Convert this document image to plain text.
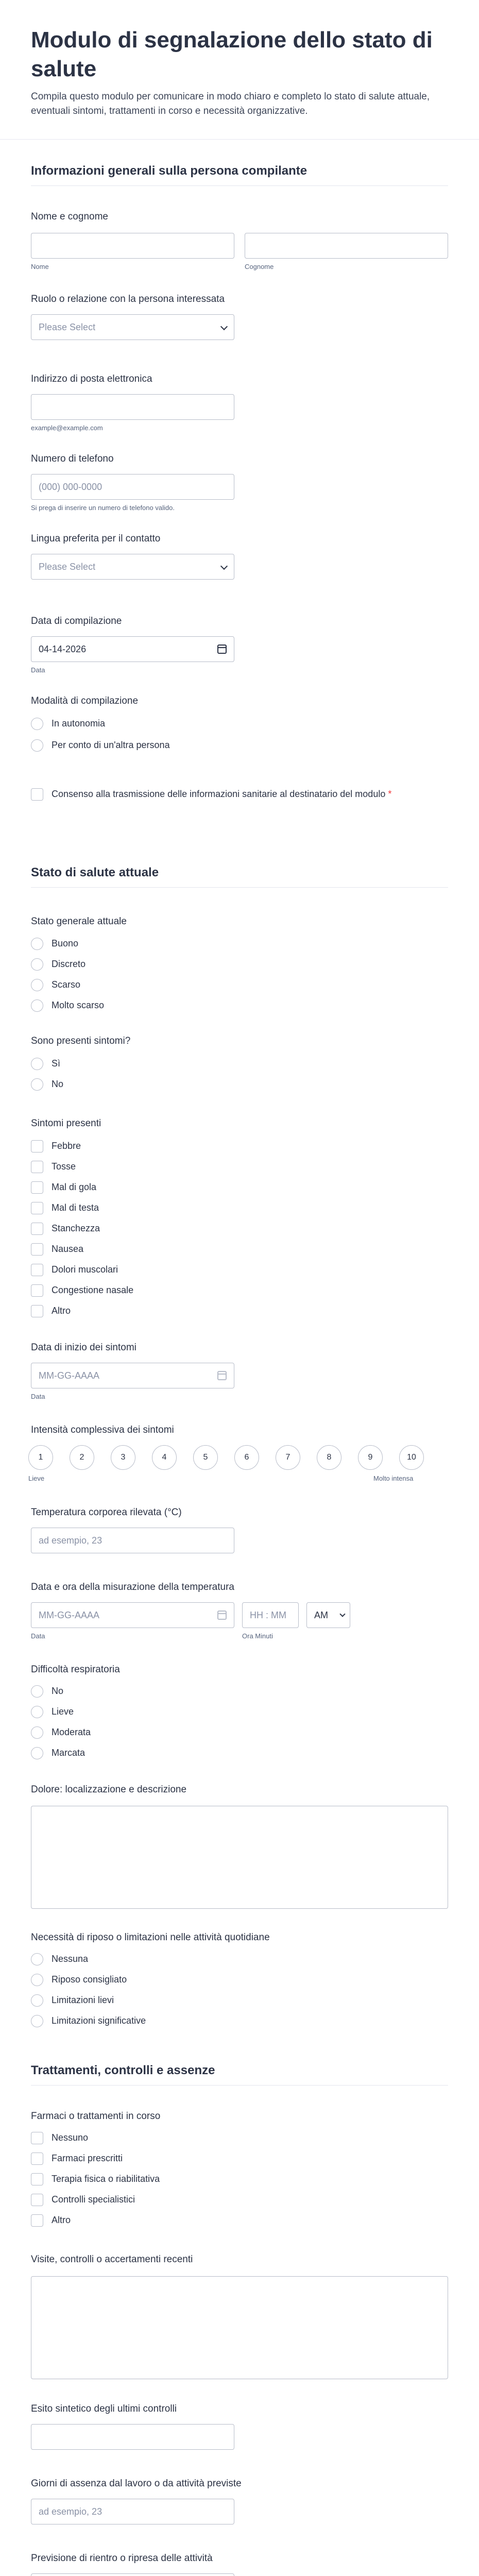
Modulo di segnalazione dello stato di salute
Compila questo modulo per comunicare in modo chiaro e completo lo stato di salute attuale, eventuali sintomi, trattamenti in corso e necessità organizzative.
Informazioni generali sulla persona compilante
Nome e cognome
Nome	Cognome
Ruolo o relazione con la persona interessata
Please Select
Indirizzo di posta elettronica
example@example.com
Numero di telefono
(000) 000-0000
Si prega di inserire un numero di telefono valido.
Lingua preferita per il contatto
Please Select
Data di compilazione
04-14-2026
Data
Modalità di compilazione
In autonomia
Per conto di un'altra persona
Consenso alla trasmissione delle informazioni sanitarie al destinatario del modulo *
Stato di salute attuale
Stato generale attuale
Buono
Discreto
Scarso
Molto scarso
Sono presenti sintomi?
Sì
No
Sintomi presenti
Febbre
Tosse
Mal di gola
Mal di testa
Stanchezza
Nausea
Dolori muscolari
Congestione nasale
Altro
Data di inizio dei sintomi
MM-GG-AAAA
Data
Intensità complessiva dei sintomi
1	2	3	4	5	6	7	8	9	10
Lieve	Molto intensa
Temperatura corporea rilevata (°C)
ad esempio, 23
Data e ora della misurazione della temperatura
MM-GG-AAAA	HH : MM	AM
Data	Ora Minuti
Difficoltà respiratoria
No
Lieve
Moderata
Marcata
Dolore: localizzazione e descrizione
Necessità di riposo o limitazioni nelle attività quotidiane
Nessuna
Riposo consigliato
Limitazioni lievi
Limitazioni significative
Trattamenti, controlli e assenze
Farmaci o trattamenti in corso
Nessuno
Farmaci prescritti
Terapia fisica o riabilitativa
Controlli specialistici
Altro
Visite, controlli o accertamenti recenti
Esito sintetico degli ultimi controlli
Giorni di assenza dal lavoro o da attività previste
ad esempio, 23
Previsione di rientro o ripresa delle attività
